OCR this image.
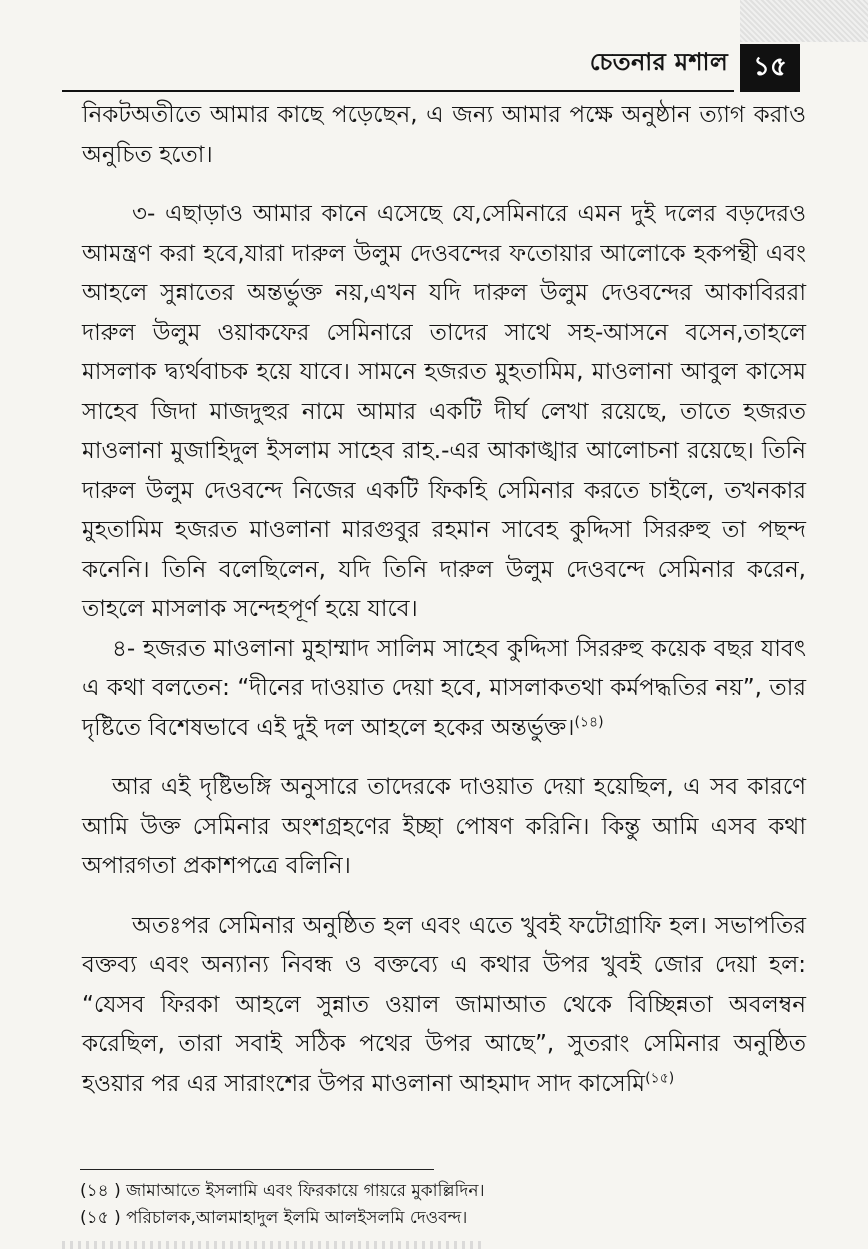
চেতনার মশাল ১৫

নিকটঅতীতে আমার কাছে পড়েছেন, এ জন্য আমার পক্ষে অনুষ্ঠান ত্যাগ করাও অনুচিত হতো।

৩- এছাড়াও আমার কানে এসেছে যে,সেমিনারে এমন দুই দলের বড়দেরও আমন্ত্রণ করা হবে,যারা দারুল উলুম দেওবন্দের ফতোয়ার আলোকে হকপন্থী এবং আহলে সুন্নাতের অন্তর্ভুক্ত নয়,এখন যদি দারুল উলুম দেওবন্দের আকাবিররা দারুল উলুম ওয়াকফের সেমিনারে তাদের সাথে সহ-আসনে বসেন,তাহলে মাসলাক দ্ব্যর্থবাচক হয়ে যাবে। সামনে হজরত মুহতামিম, মাওলানা আবুল কাসেম সাহেব জিদা মাজদুহুর নামে আমার একটি দীর্ঘ লেখা রয়েছে, তাতে হজরত মাওলানা মুজাহিদুল ইসলাম সাহেব রাহ.-এর আকাঙ্খার আলোচনা রয়েছে। তিনি দারুল উলুম দেওবন্দে নিজের একটি ফিকহি সেমিনার করতে চাইলে, তখনকার মুহতামিম হজরত মাওলানা মারগুবুর রহমান সাবেহ কুদ্দিসা সিররুহু তা পছন্দ কনেনি। তিনি বলেছিলেন, যদি তিনি দারুল উলুম দেওবন্দে সেমিনার করেন, তাহলে মাসলাক সন্দেহপূর্ণ হয়ে যাবে।

৪- হজরত মাওলানা মুহাম্মাদ সালিম সাহেব কুদ্দিসা সিররুহু কয়েক বছর যাবৎ এ কথা বলতেন: “দীনের দাওয়াত দেয়া হবে, মাসলাকতথা কর্মপদ্ধতির নয়”, তার দৃষ্টিতে বিশেষভাবে এই দুই দল আহলে হকের অন্তর্ভুক্ত।$^{(১৪)}$

আর এই দৃষ্টিভঙ্গি অনুসারে তাদেরকে দাওয়াত দেয়া হয়েছিল, এ সব কারণে আমি উক্ত সেমিনার অংশগ্রহণের ইচ্ছা পোষণ করিনি। কিন্তু আমি এসব কথা অপারগতা প্রকাশপত্রে বলিনি।

অতঃপর সেমিনার অনুষ্ঠিত হল এবং এতে খুবই ফটোগ্রাফি হল। সভাপতির বক্তব্য এবং অন্যান্য নিবন্ধ ও বক্তব্যে এ কথার উপর খুবই জোর দেয়া হল: “যেসব ফিরকা আহলে সুন্নাত ওয়াল জামাআত থেকে বিচ্ছিন্নতা অবলম্বন করেছিল, তারা সবাই সঠিক পথের উপর আছে”, সুতরাং সেমিনার অনুষ্ঠিত হওয়ার পর এর সারাংশের উপর মাওলানা আহমাদ সাদ কাসেমি$^{(১৫)}$

(১৪ ) জামাআতে ইসলামি এবং ফিরকায়ে গায়রে মুকাল্লিদিন।
(১৫ ) পরিচালক,আলমাহাদুল ইলমি আলইসলমি দেওবন্দ।
